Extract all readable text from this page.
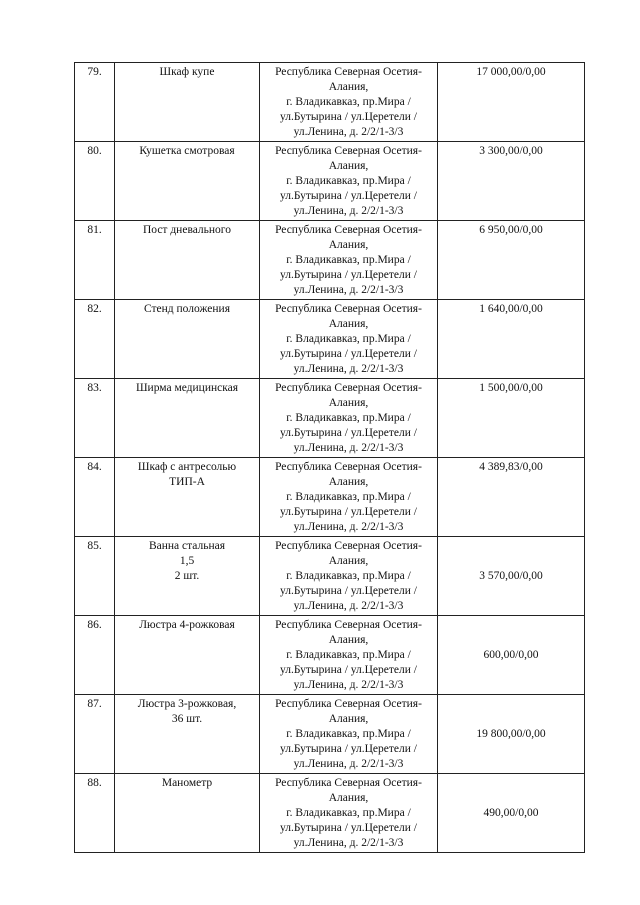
79.	Шкаф купе	Республика Северная Осетия-
Алания,
г. Владикавказ, пр.Мира /
ул.Бутырина / ул.Церетели /
ул.Ленина, д. 2/2/1-3/3	17 000,00/0,00
80.	Кушетка смотровая	Республика Северная Осетия-
Алания,
г. Владикавказ, пр.Мира /
ул.Бутырина / ул.Церетели /
ул.Ленина, д. 2/2/1-3/3	3 300,00/0,00
81.	Пост дневального	Республика Северная Осетия-
Алания,
г. Владикавказ, пр.Мира /
ул.Бутырина / ул.Церетели /
ул.Ленина, д. 2/2/1-3/3	6 950,00/0,00
82.	Стенд положения	Республика Северная Осетия-
Алания,
г. Владикавказ, пр.Мира /
ул.Бутырина / ул.Церетели /
ул.Ленина, д. 2/2/1-3/3	1 640,00/0,00
83.	Ширма медицинская	Республика Северная Осетия-
Алания,
г. Владикавказ, пр.Мира /
ул.Бутырина / ул.Церетели /
ул.Ленина, д. 2/2/1-3/3	1 500,00/0,00
84.	Шкаф с антресолью
ТИП-А	Республика Северная Осетия-
Алания,
г. Владикавказ, пр.Мира /
ул.Бутырина / ул.Церетели /
ул.Ленина, д. 2/2/1-3/3	4 389,83/0,00
85.	Ванна стальная
1,5
2 шт.	Республика Северная Осетия-
Алания,
г. Владикавказ, пр.Мира /
ул.Бутырина / ул.Церетели /
ул.Ленина, д. 2/2/1-3/3	3 570,00/0,00
86.	Люстра 4-рожковая	Республика Северная Осетия-
Алания,
г. Владикавказ, пр.Мира /
ул.Бутырина / ул.Церетели /
ул.Ленина, д. 2/2/1-3/3	600,00/0,00
87.	Люстра 3-рожковая,
36 шт.	Республика Северная Осетия-
Алания,
г. Владикавказ, пр.Мира /
ул.Бутырина / ул.Церетели /
ул.Ленина, д. 2/2/1-3/3	19 800,00/0,00
88.	Манометр	Республика Северная Осетия-
Алания,
г. Владикавказ, пр.Мира /
ул.Бутырина / ул.Церетели /
ул.Ленина, д. 2/2/1-3/3	490,00/0,00
